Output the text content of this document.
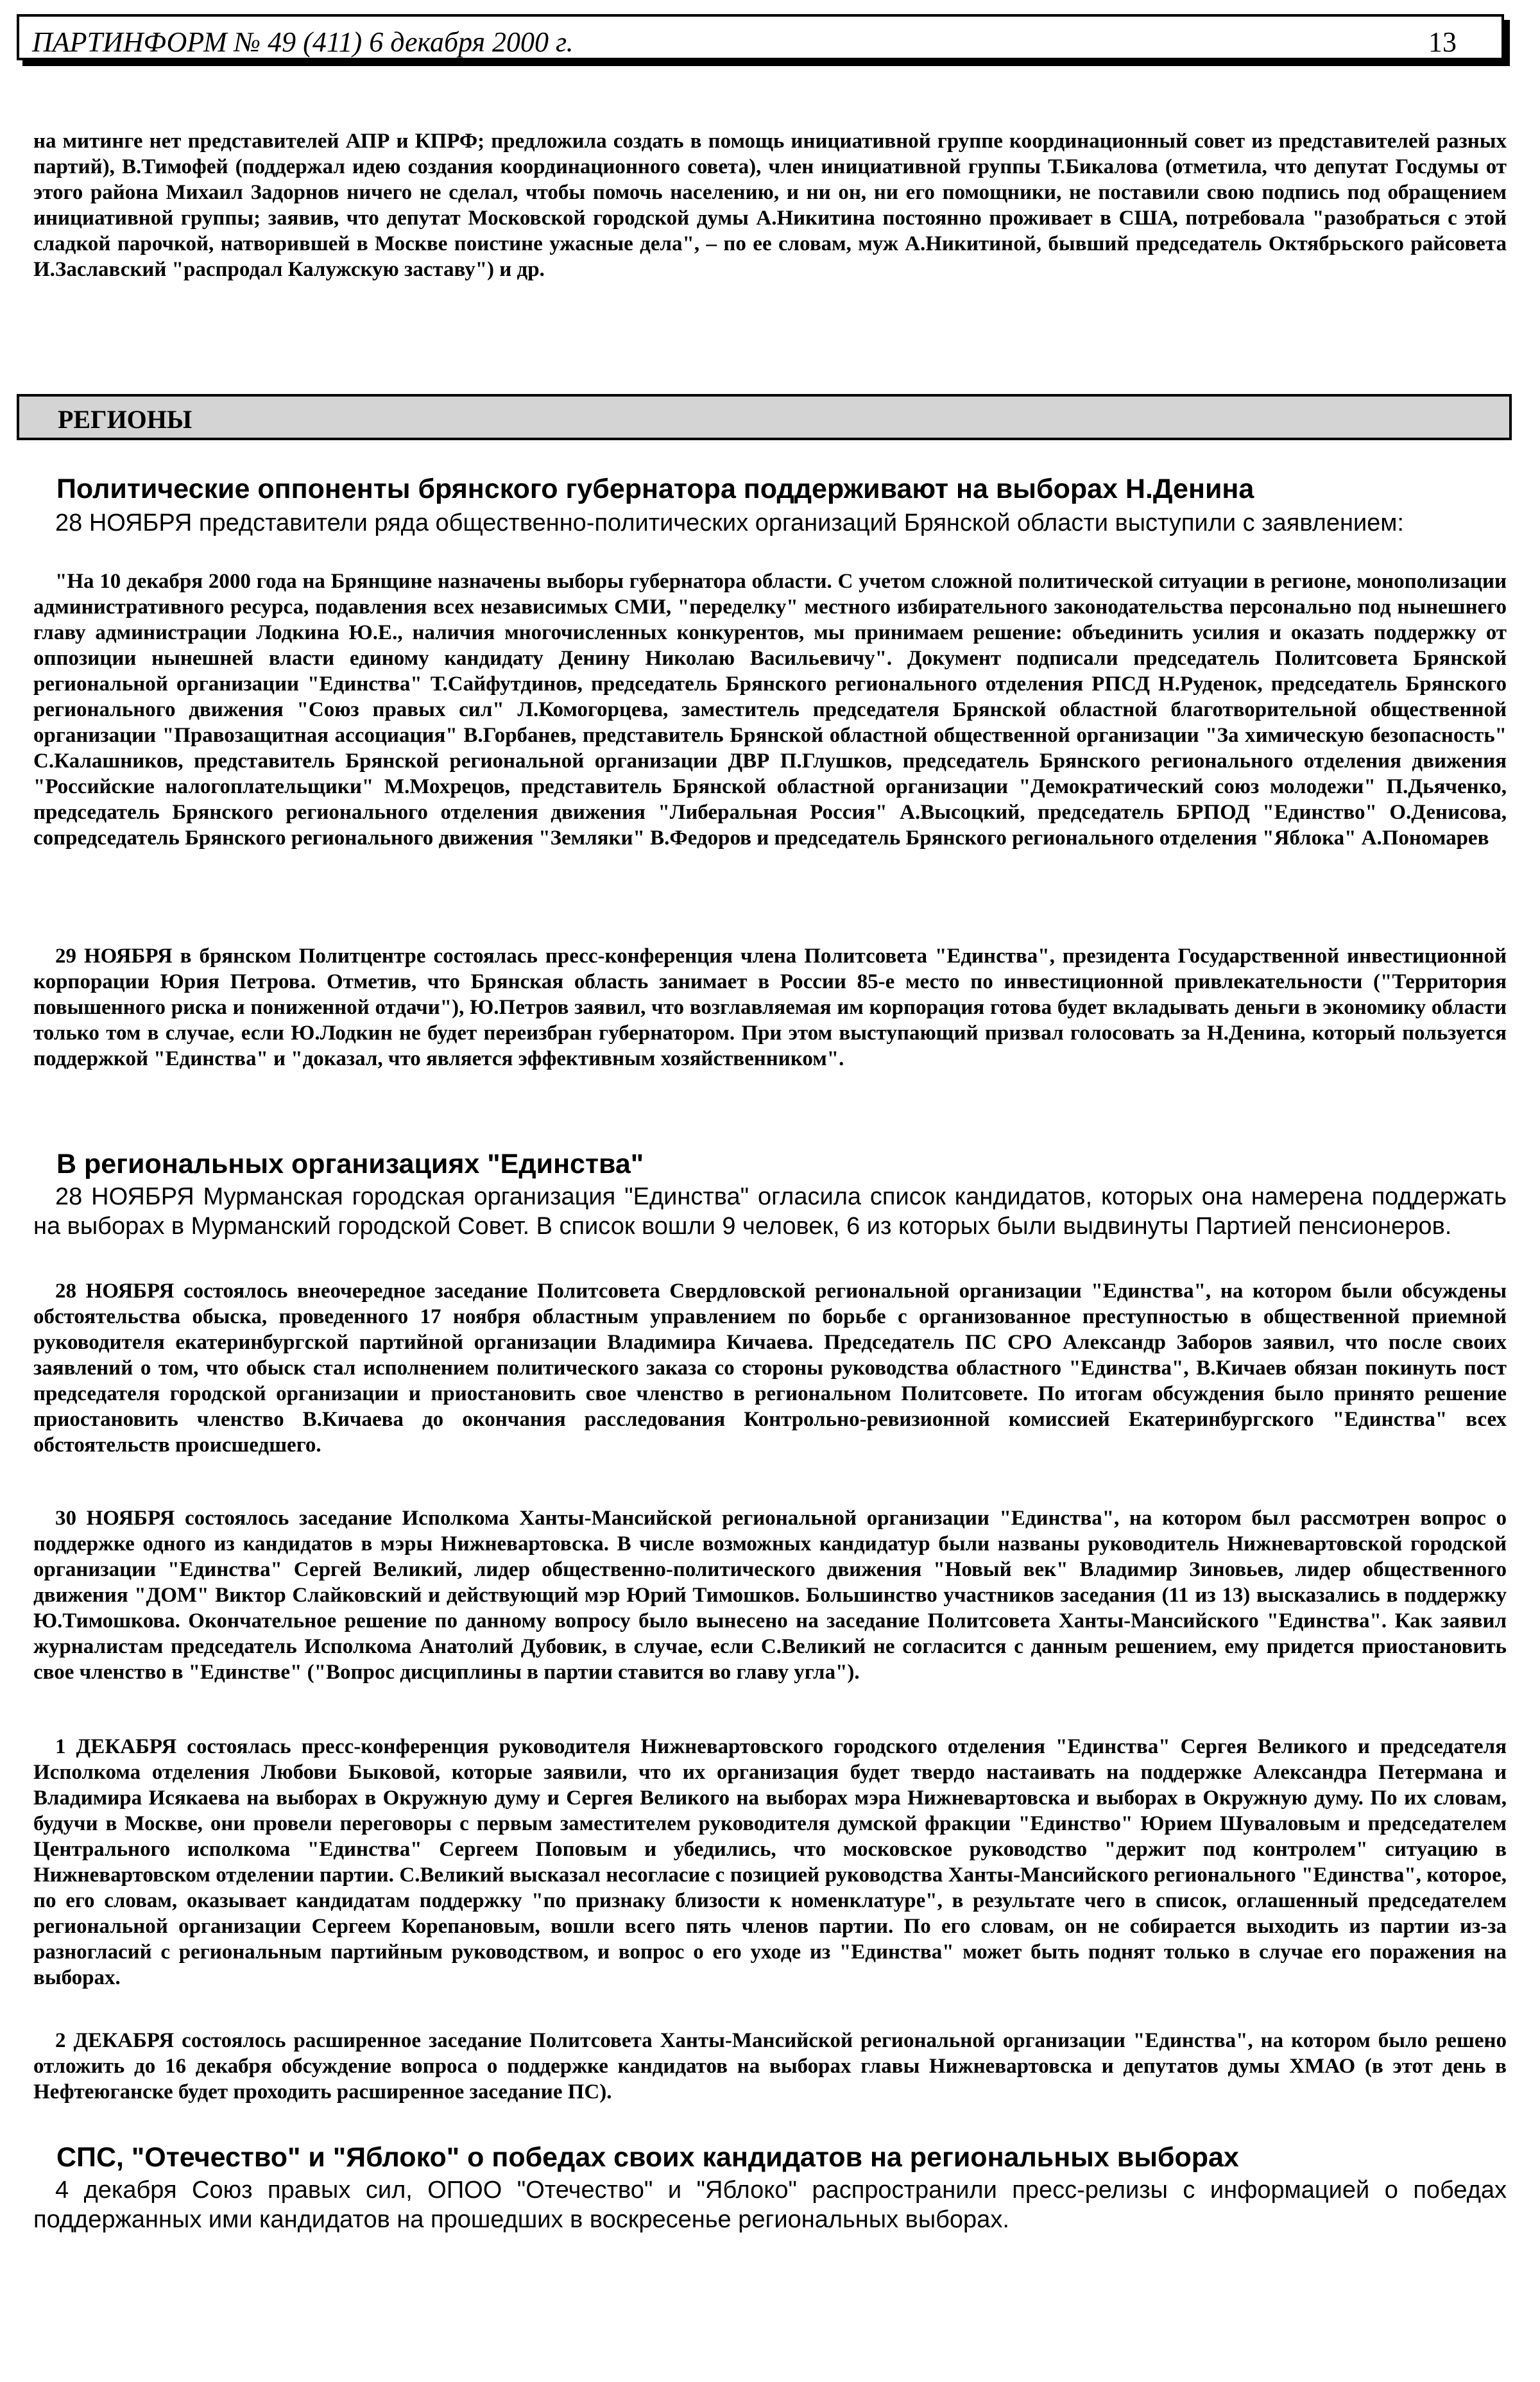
ПАРТИНФОРМ № 49 (411) 6 декабря 2000 г.	13

на митинге нет представителей АПР и КПРФ; предложила создать в помощь инициативной группе координационный совет из представителей разных партий), В.Тимофей (поддержал идею создания координационного совета), член инициативной группы Т.Бикалова (отметила, что депутат Госдумы от этого района Михаил Задорнов ничего не сделал, чтобы помочь населению, и ни он, ни его помощники, не поставили свою подпись под обращением инициативной группы; заявив, что депутат Московской городской думы А.Никитина постоянно проживает в США, потребовала "разобраться с этой сладкой парочкой, натворившей в Москве поистине ужасные дела", – по ее словам, муж А.Никитиной, бывший председатель Октябрьского райсовета И.Заславский "распродал Калужскую заставу") и др.

РЕГИОНЫ
Политические оппоненты брянского губернатора поддерживают на выборах Н.Денина

28 НОЯБРЯ представители ряда общественно-политических организаций Брянской области выступили с заявлением:

"На 10 декабря 2000 года на Брянщине назначены выборы губернатора области. С учетом сложной политической ситуации в регионе, монополизации административного ресурса, подавления всех независимых СМИ, "переделку" местного избирательного законодательства персонально под нынешнего главу администрации Лодкина Ю.Е., наличия многочисленных конкурентов, мы принимаем решение: объединить усилия и оказать поддержку от оппозиции нынешней власти единому кандидату Денину Николаю Васильевичу". Документ подписали председатель Политсовета Брянской региональной организации "Единства" Т.Сайфутдинов, председатель Брянского регионального отделения РПСД Н.Руденок, председатель Брянского регионального движения "Союз правых сил" Л.Комогорцева, заместитель председателя Брянской областной благотворительной общественной организации "Правозащитная ассоциация" В.Горбанев, представитель Брянской областной общественной организации "За химическую безопасность" С.Калашников, представитель Брянской региональной организации ДВР П.Глушков, председатель Брянского регионального отделения движения "Российские налогоплательщики" М.Мохрецов, представитель Брянской областной организации "Демократический союз молодежи" П.Дьяченко, председатель Брянского регионального отделения движения "Либеральная Россия" А.Высоцкий, председатель БРПОД "Единство" О.Денисова, сопредседатель Брянского регионального движения "Земляки" В.Федоров и председатель Брянского регионального отделения "Яблока" А.Пономарев

29 НОЯБРЯ в брянском Политцентре состоялась пресс-конференция члена Политсовета "Единства", президента Государственной инвестиционной корпорации Юрия Петрова. Отметив, что Брянская область занимает в России 85-е место по инвестиционной привлекательности ("Территория повышенного риска и пониженной отдачи"), Ю.Петров заявил, что возглавляемая им корпорация готова будет вкладывать деньги в экономику области только том в случае, если Ю.Лодкин не будет переизбран губернатором. При этом выступающий призвал голосовать за Н.Денина, который пользуется поддержкой "Единства" и "доказал, что является эффективным хозяйственником".

В региональных организациях "Единства"

28 НОЯБРЯ Мурманская городская организация "Единства" огласила список кандидатов, которых она намерена поддержать на выборах в Мурманский городской Совет. В список вошли 9 человек, 6 из которых были выдвинуты Партией пенсионеров.

28 НОЯБРЯ состоялось внеочередное заседание Политсовета Свердловской региональной организации "Единства", на котором были обсуждены обстоятельства обыска, проведенного 17 ноября областным управлением по борьбе с организованное преступностью в общественной приемной руководителя екатеринбургской партийной организации Владимира Кичаева. Председатель ПС СРО Александр Заборов заявил, что после своих заявлений о том, что обыск стал исполнением политического заказа со стороны руководства областного "Единства", В.Кичаев обязан покинуть пост председателя городской организации и приостановить свое членство в региональном Политсовете. По итогам обсуждения было принято решение приостановить членство В.Кичаева до окончания расследования Контрольно-ревизионной комиссией Екатеринбургского "Единства" всех обстоятельств происшедшего.

30 НОЯБРЯ состоялось заседание Исполкома Ханты-Мансийской региональной организации "Единства", на котором был рассмотрен вопрос о поддержке одного из кандидатов в мэры Нижневартовска. В числе возможных кандидатур были названы руководитель Нижневартовской городской организации "Единства" Сергей Великий, лидер общественно-политического движения "Новый век" Владимир Зиновьев, лидер общественного движения "ДОМ" Виктор Слайковский и действующий мэр Юрий Тимошков. Большинство участников заседания (11 из 13) высказались в поддержку Ю.Тимошкова. Окончательное решение по данному вопросу было вынесено на заседание Политсовета Ханты-Мансийского "Единства". Как заявил журналистам председатель Исполкома Анатолий Дубовик, в случае, если С.Великий не согласится с данным решением, ему придется приостановить свое членство в "Единстве" ("Вопрос дисциплины в партии ставится во главу угла").

1 ДЕКАБРЯ состоялась пресс-конференция руководителя Нижневартовского городского отделения "Единства" Сергея Великого и председателя Исполкома отделения Любови Быковой, которые заявили, что их организация будет твердо настаивать на поддержке Александра Петермана и Владимира Исякаева на выборах в Окружную думу и Сергея Великого на выборах мэра Нижневартовска и выборах в Окружную думу. По их словам, будучи в Москве, они провели переговоры с первым заместителем руководителя думской фракции "Единство" Юрием Шуваловым и председателем Центрального исполкома "Единства" Сергеем Поповым и убедились, что московское руководство "держит под контролем" ситуацию в Нижневартовском отделении партии. С.Великий высказал несогласие с позицией руководства Ханты-Мансийского регионального "Единства", которое, по его словам, оказывает кандидатам поддержку "по признаку близости к номенклатуре", в результате чего в список, оглашенный председателем региональной организации Сергеем Корепановым, вошли всего пять членов партии. По его словам, он не собирается выходить из партии из-за разногласий с региональным партийным руководством, и вопрос о его уходе из "Единства" может быть поднят только в случае его поражения на выборах.

2 ДЕКАБРЯ состоялось расширенное заседание Политсовета Ханты-Мансийской региональной организации "Единства", на котором было решено отложить до 16 декабря обсуждение вопроса о поддержке кандидатов на выборах главы Нижневартовска и депутатов думы ХМАО (в этот день в Нефтеюганске будет проходить расширенное заседание ПС).

СПС, "Отечество" и "Яблоко" о победах своих кандидатов на региональных выборах

4 декабря Союз правых сил, ОПОО "Отечество" и "Яблоко" распространили пресс-релизы с информацией о победах поддержанных ими кандидатов на прошедших в воскресенье региональных выборах.
